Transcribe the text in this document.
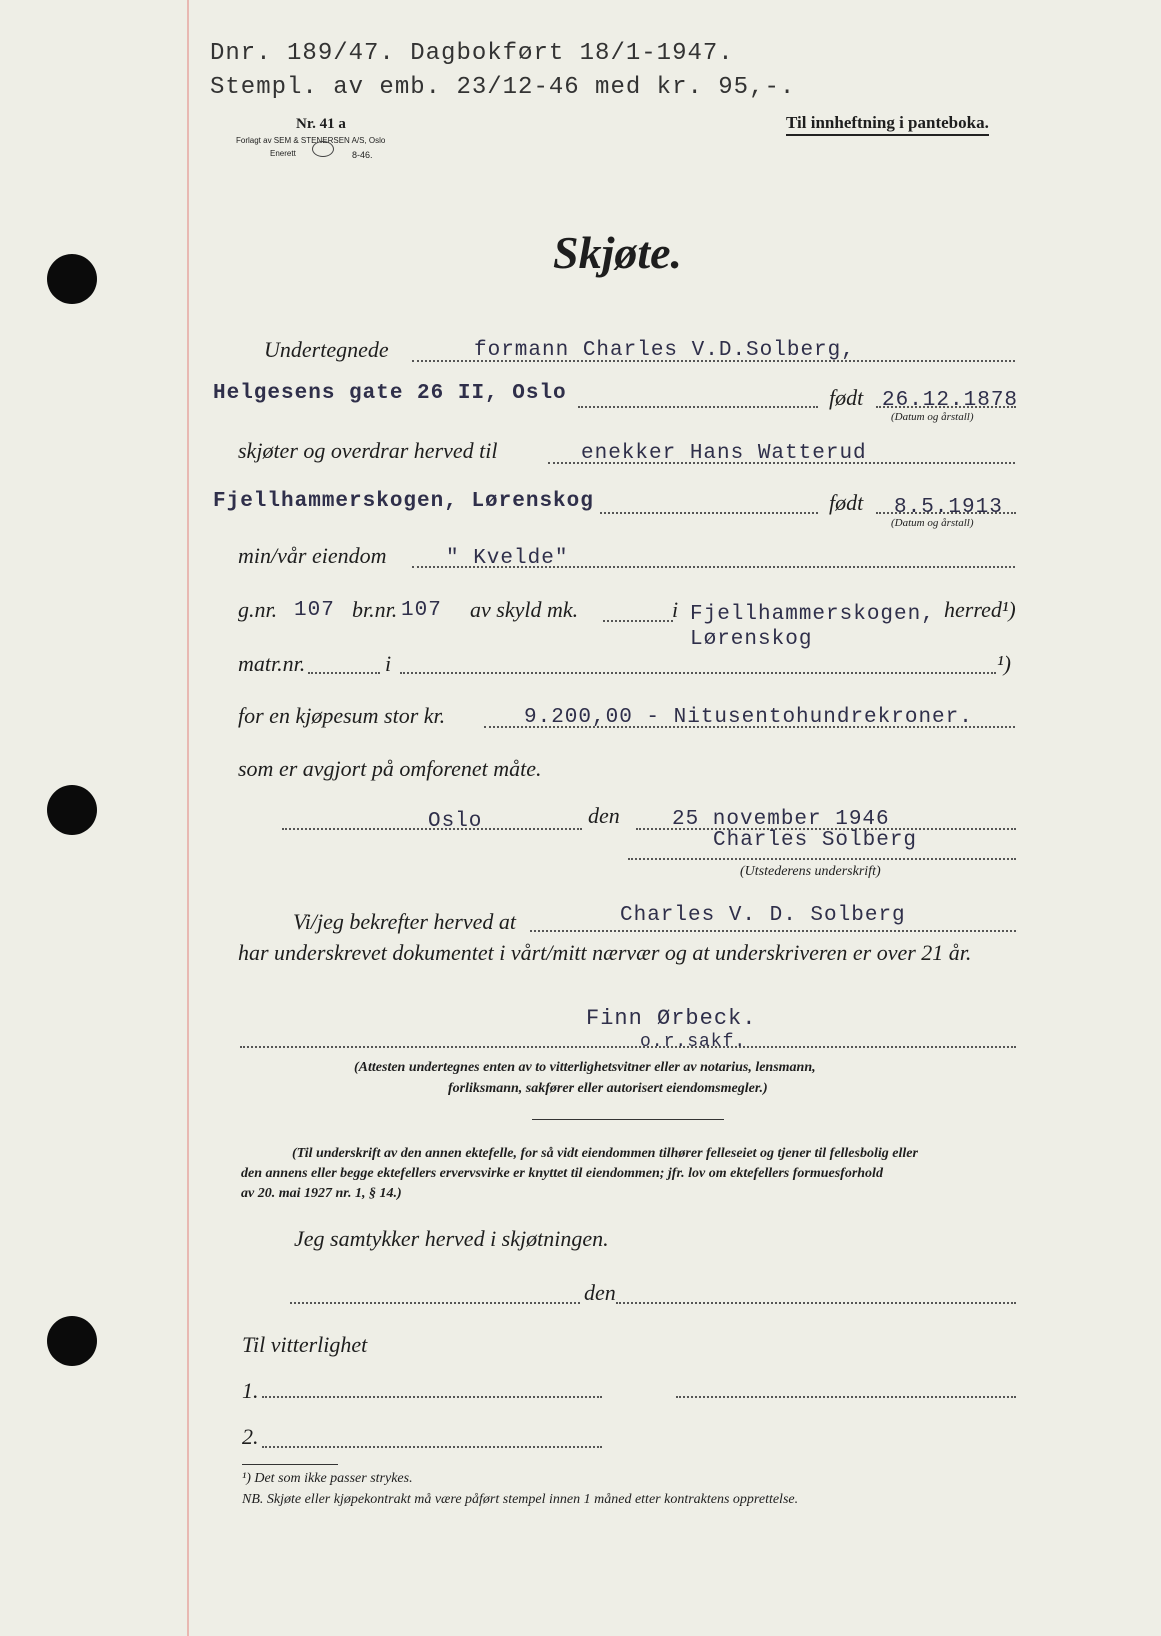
Dnr. 189/47. Dagbokført 18/1-1947.
Stempl. av emb. 23/12-46 med kr. 95,-.
Nr. 41 a
Forlagt av SEM & STENERSEN A/S, Oslo
Enerett	8-46.
Til innheftning i panteboka.
Skjøte.
Undertegnede	formann Charles V.D.Solberg,
Helgesens gate 26 II, Oslo	født 26.12.1878
(Datum og årstall)
skjøter og overdrar herved til	enekker Hans Watterud
Fjellhammerskogen, Lørenskog	født 8.5.1913
(Datum og årstall)
min/vår eiendom	" Kvelde"
g.nr. 107 br.nr. 107 av skyld mk.	i Fjellhammerskogen,
Lørenskog
herred¹)
matr.nr.	i	¹)
for en kjøpesum stor kr.	9.200,00 - Nitusentohundrekroner.
som er avgjort på omforenet måte.
Oslo	den 25 november 1946
Charles Solberg
(Utstederens underskrift)
Vi/jeg bekrefter herved at	Charles V. D. Solberg
har underskrevet dokumentet i vårt/mitt nærvær og at underskriveren er over 21 år.
Finn Ørbeck.
o.r.sakf.
(Attesten undertegnes enten av to vitterlighetsvitner eller av notarius, lensmann,
forliksmann, sakfører eller autorisert eiendomsmegler.)
(Til underskrift av den annen ektefelle, for så vidt eiendommen tilhører felleseiet og tjener til fellesbolig eller
den annens eller begge ektefellers ervervsvirke er knyttet til eiendommen; jfr. lov om ektefellers formuesforhold
av 20. mai 1927 nr. 1, § 14.)
Jeg samtykker herved i skjøtningen.
den
Til vitterlighet
1.
2.
¹) Det som ikke passer strykes.
NB. Skjøte eller kjøpekontrakt må være påført stempel innen 1 måned etter kontraktens opprettelse.
